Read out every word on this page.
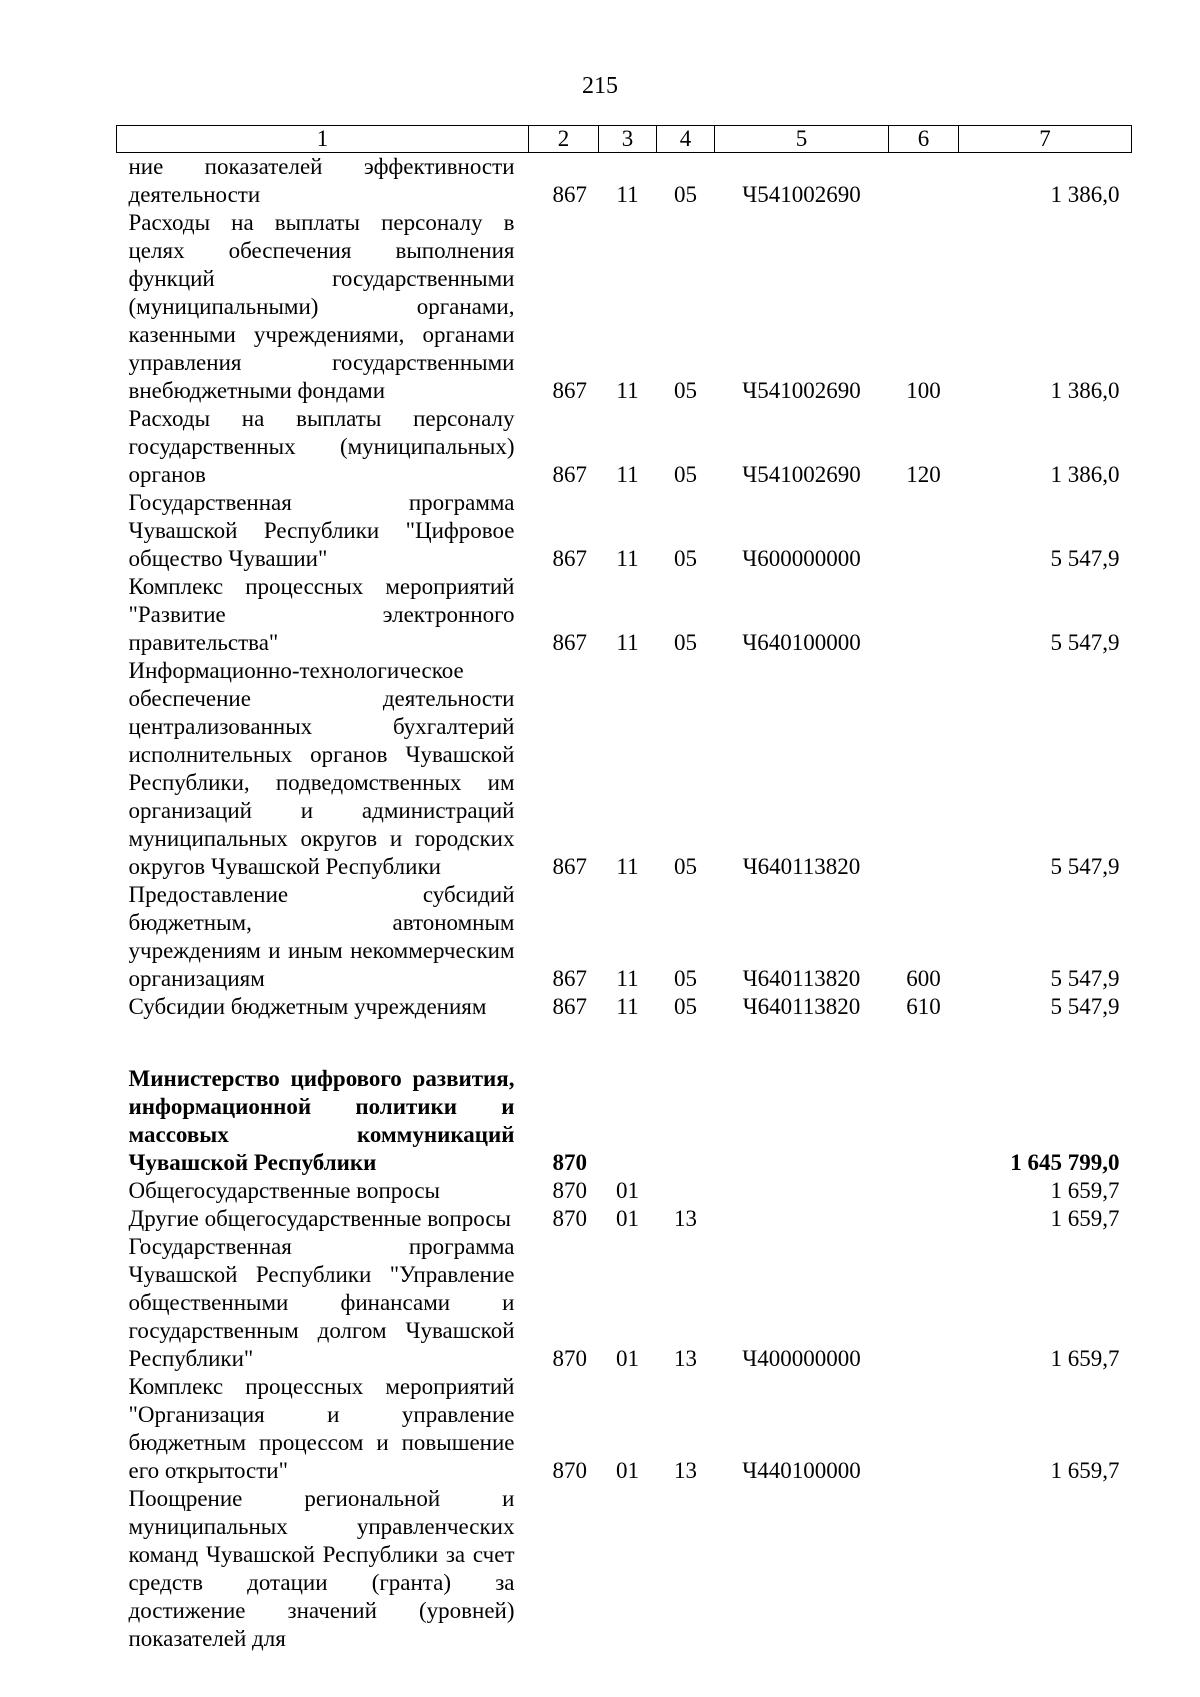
215
1	2	3	4	5	6	7
ние показателей эффективности деятельности	867	11	05	Ч541002690		1 386,0
Расходы на выплаты персоналу в целях обеспечения выполнения функций государственными (муниципальными) органами, казенными учреждениями, органами управления государственными внебюджетными фондами	867	11	05	Ч541002690	100	1 386,0
Расходы на выплаты персоналу государственных (муниципальных) органов	867	11	05	Ч541002690	120	1 386,0
Государственная программа Чувашской Республики "Цифровое общество Чувашии"	867	11	05	Ч600000000		5 547,9
Комплекс процессных мероприятий "Развитие электронного правительства"	867	11	05	Ч640100000		5 547,9
Информационно-технологическое обеспечение деятельности централизованных бухгалтерий исполнительных органов Чувашской Республики, подведомственных им организаций и администраций муниципальных округов и городских округов Чувашской Республики	867	11	05	Ч640113820		5 547,9
Предоставление субсидий бюджетным, автономным учреждениям и иным некоммерческим организациям	867	11	05	Ч640113820	600	5 547,9
Субсидии бюджетным учреждениям	867	11	05	Ч640113820	610	5 547,9

Министерство цифрового развития, информационной политики и массовых коммуникаций Чувашской Республики	870					1 645 799,0
Общегосударственные вопросы	870	01				1 659,7
Другие общегосударственные вопросы	870	01	13			1 659,7
Государственная программа Чувашской Республики "Управление общественными финансами и государственным долгом Чувашской Республики"	870	01	13	Ч400000000		1 659,7
Комплекс процессных мероприятий "Организация и управление бюджетным процессом и повышение его открытости"	870	01	13	Ч440100000		1 659,7
Поощрение региональной и муниципальных управленческих команд Чувашской Республики за счет средств дотации (гранта) за достижение значений (уровней) показателей для						
